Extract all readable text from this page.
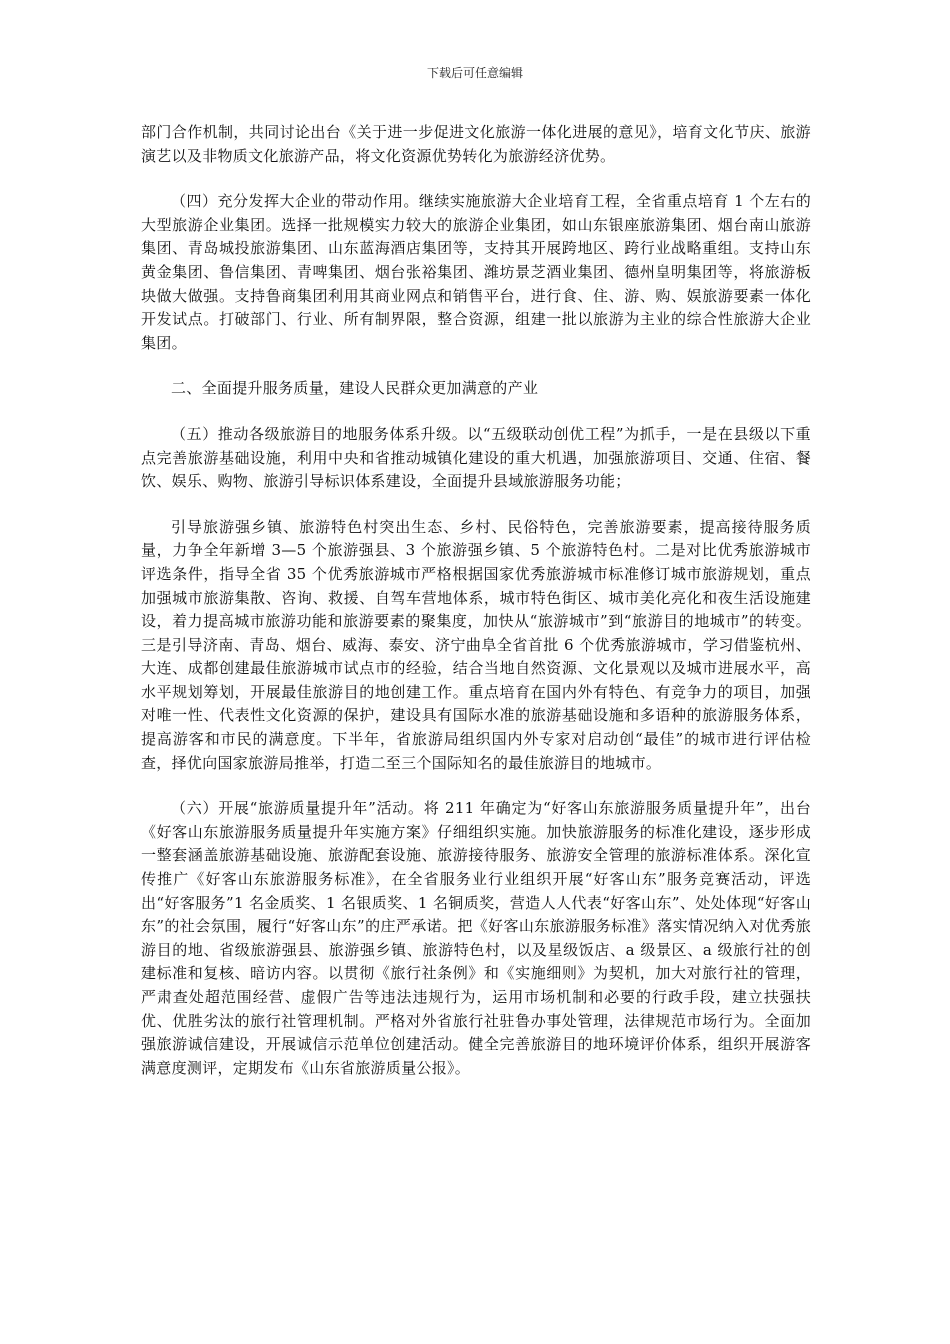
下载后可任意编辑

部门合作机制，共同讨论出台《关于进一步促进文化旅游一体化进展的意见》，培育文化节庆、旅游演艺以及非物质文化旅游产品，将文化资源优势转化为旅游经济优势。

（四）充分发挥大企业的带动作用。继续实施旅游大企业培育工程，全省重点培育 1 个左右的大型旅游企业集团。选择一批规模实力较大的旅游企业集团，如山东银座旅游集团、烟台南山旅游集团、青岛城投旅游集团、山东蓝海酒店集团等，支持其开展跨地区、跨行业战略重组。支持山东黄金集团、鲁信集团、青啤集团、烟台张裕集团、潍坊景芝酒业集团、德州皇明集团等，将旅游板块做大做强。支持鲁商集团利用其商业网点和销售平台，进行食、住、游、购、娱旅游要素一体化开发试点。打破部门、行业、所有制界限，整合资源，组建一批以旅游为主业的综合性旅游大企业集团。

二、全面提升服务质量，建设人民群众更加满意的产业

（五）推动各级旅游目的地服务体系升级。以“五级联动创优工程”为抓手，一是在县级以下重点完善旅游基础设施，利用中央和省推动城镇化建设的重大机遇，加强旅游项目、交通、住宿、餐饮、娱乐、购物、旅游引导标识体系建设，全面提升县域旅游服务功能；

引导旅游强乡镇、旅游特色村突出生态、乡村、民俗特色，完善旅游要素，提高接待服务质量，力争全年新增 3—5 个旅游强县、3 个旅游强乡镇、5 个旅游特色村。二是对比优秀旅游城市评选条件，指导全省 35 个优秀旅游城市严格根据国家优秀旅游城市标准修订城市旅游规划，重点加强城市旅游集散、咨询、救援、自驾车营地体系，城市特色街区、城市美化亮化和夜生活设施建设，着力提高城市旅游功能和旅游要素的聚集度，加快从“旅游城市”到“旅游目的地城市”的转变。三是引导济南、青岛、烟台、威海、泰安、济宁曲阜全省首批 6 个优秀旅游城市，学习借鉴杭州、大连、成都创建最佳旅游城市试点市的经验，结合当地自然资源、文化景观以及城市进展水平，高水平规划筹划，开展最佳旅游目的地创建工作。重点培育在国内外有特色、有竞争力的项目，加强对唯一性、代表性文化资源的保护，建设具有国际水准的旅游基础设施和多语种的旅游服务体系，提高游客和市民的满意度。下半年，省旅游局组织国内外专家对启动创“最佳”的城市进行评估检查，择优向国家旅游局推举，打造二至三个国际知名的最佳旅游目的地城市。

（六）开展“旅游质量提升年”活动。将 211 年确定为“好客山东旅游服务质量提升年”，出台《好客山东旅游服务质量提升年实施方案》仔细组织实施。加快旅游服务的标准化建设，逐步形成一整套涵盖旅游基础设施、旅游配套设施、旅游接待服务、旅游安全管理的旅游标准体系。深化宣传推广《好客山东旅游服务标准》，在全省服务业行业组织开展“好客山东”服务竞赛活动，评选出“好客服务”1 名金质奖、1 名银质奖、1 名铜质奖，营造人人代表“好客山东”、处处体现“好客山东”的社会氛围，履行“好客山东”的庄严承诺。把《好客山东旅游服务标准》落实情况纳入对优秀旅游目的地、省级旅游强县、旅游强乡镇、旅游特色村，以及星级饭店、a 级景区、a 级旅行社的创建标准和复核、暗访内容。以贯彻《旅行社条例》和《实施细则》为契机，加大对旅行社的管理，严肃查处超范围经营、虚假广告等违法违规行为，运用市场机制和必要的行政手段，建立扶强扶优、优胜劣汰的旅行社管理机制。严格对外省旅行社驻鲁办事处管理，法律规范市场行为。全面加强旅游诚信建设，开展诚信示范单位创建活动。健全完善旅游目的地环境评价体系，组织开展游客满意度测评，定期发布《山东省旅游质量公报》。
